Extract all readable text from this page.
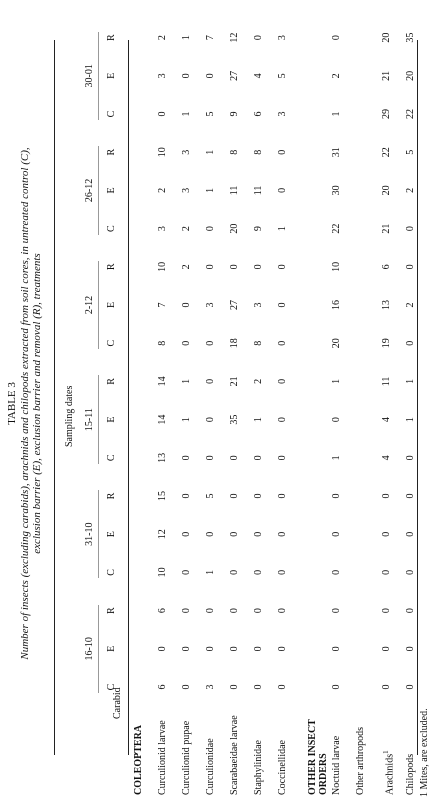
TABLE 3 Number of insects (excluding carabids), arachnids and chilopods extracted from soil cores, in untreated control (C), exclusion barrier (E), exclusion barrier and removal (R), treatments Sampling dates
16-10
31-10
15-11
2-12
26-12
30-01
C
E
R
C
E
R
C
E
R
C
E
R
C
E
R
C
E
R
Carabid
COLEOPTERA Curculionid larvae
6
0
6
10
12
15
13
14
14
8
7
10
3
2
10
0
3
2
Curculionid pupae
0
0
0
0
0
0
0
1
1
0
0
2
2
3
3
1
0
1
Curculionidae
3
0
0
1
0
5
0
0
0
0
3
0
0
1
1
5
0
7
Scarabaeidae larvae
0
0
0
0
0
0
0
35
21
18
27
0
20
11
8
9
27
12
Staphylinidae
0
0
0
0
0
0
0
1
2
8
3
0
9
11
8
6
4
0
Coccinellidae
0
0
0
0
0
0
0
0
0
0
0
0
1
0
0
3
5
3
OTHER INSECT ORDERS Noctuid larvae
0
0
0
0
0
0
1
0
1
20
16
10
22
30
31
1
2
0
Other arthropods	Arachnids$^1$
0
0
0
0
0
0
4
4
11
19
13
6
21
20
22
29
21
20
Chilopods
0
0
0
0
0
0
0
1
1
0
2
0
0
2
5
22
20
35
1 Mites, are excluded.
